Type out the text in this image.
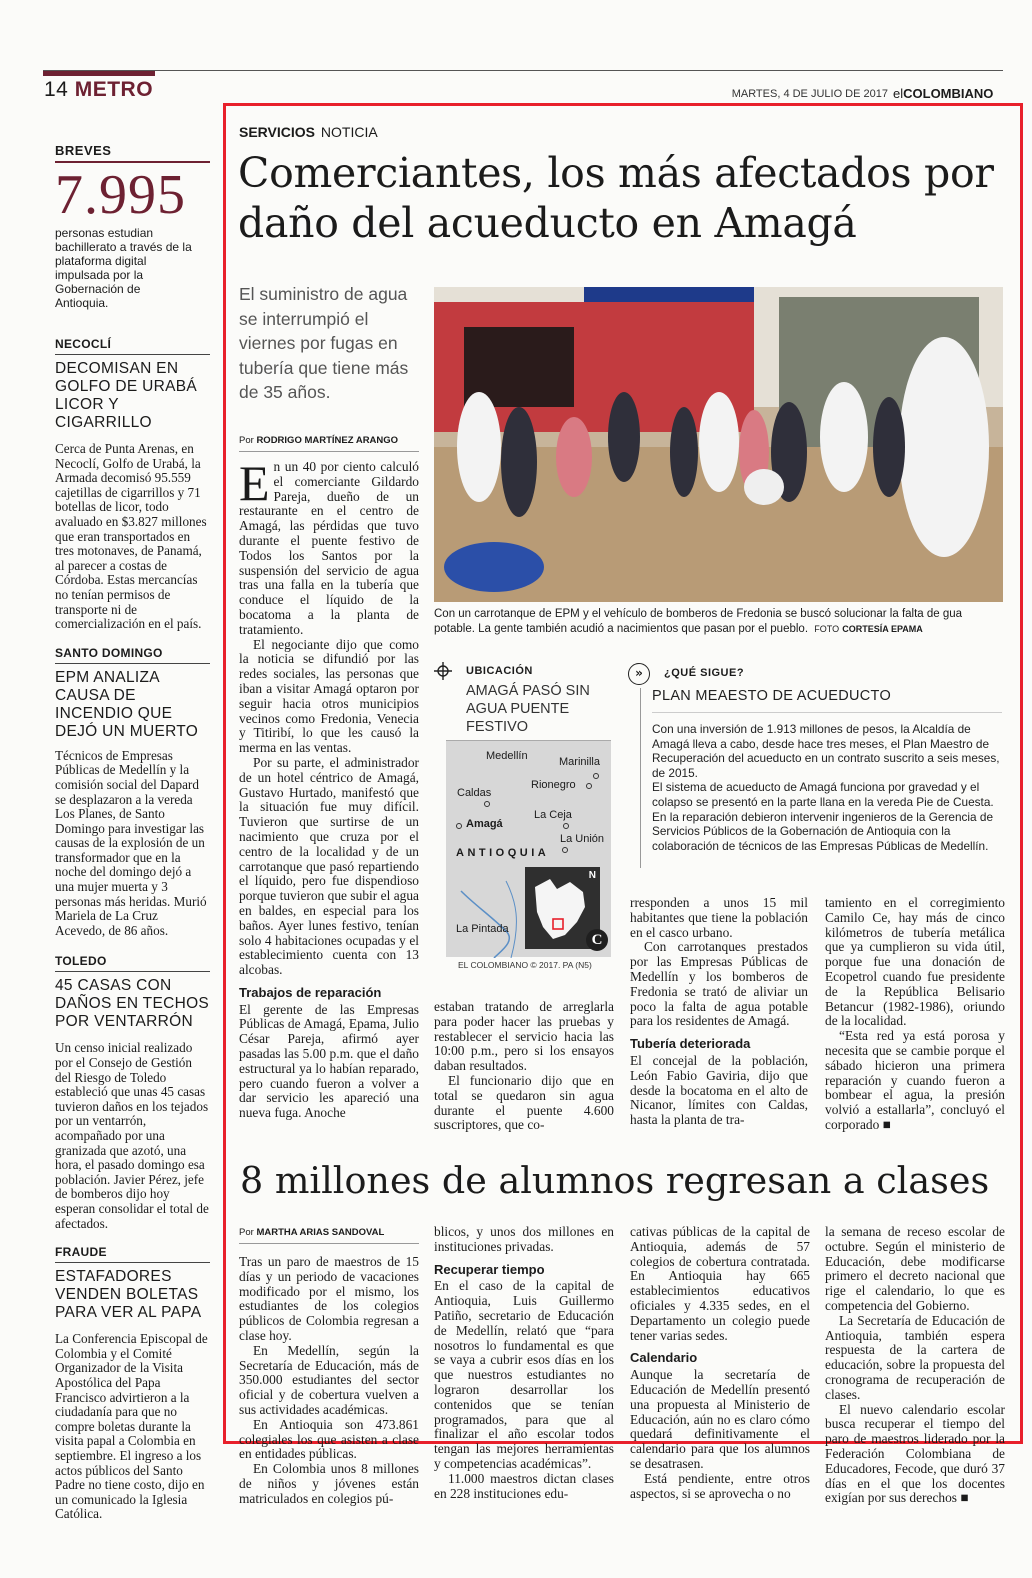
14 METRO	MARTES, 4 DE JULIO DE 2017 elCOLOMBIANO
BREVES
7.995
personas estudian bachillerato a través de la plataforma digital impulsada por la Gobernación de Antioquia.
NECOCLÍ
DECOMISAN EN GOLFO DE URABÁ LICOR Y CIGARRILLO
Cerca de Punta Arenas, en Necoclí, Golfo de Urabá, la Armada decomisó 95.559 cajetillas de cigarrillos y 71 botellas de licor, todo avaluado en $3.827 millones que eran transportados en tres motonaves, de Panamá, al parecer a costas de Córdoba. Estas mercancías no tenían permisos de transporte ni de comercialización en el país.
SANTO DOMINGO
EPM ANALIZA CAUSA DE INCENDIO QUE DEJÓ UN MUERTO
Técnicos de Empresas Públicas de Medellín y la comisión social del Dapard se desplazaron a la vereda Los Planes, de Santo Domingo para investigar las causas de la explosión de un transformador que en la noche del domingo dejó a una mujer muerta y 3 personas más heridas. Murió Mariela de La Cruz Acevedo, de 86 años.
TOLEDO
45 CASAS CON DAÑOS EN TECHOS POR VENTARRÓN
Un censo inicial realizado por el Consejo de Gestión del Riesgo de Toledo estableció que unas 45 casas tuvieron daños en los tejados por un ventarrón, acompañado por una granizada que azotó, una hora, el pasado domingo esa población. Javier Pérez, jefe de bomberos dijo hoy esperan consolidar el total de afectados.
FRAUDE
ESTAFADORES VENDEN BOLETAS PARA VER AL PAPA
La Conferencia Episcopal de Colombia y el Comité Organizador de la Visita Apostólica del Papa Francisco advirtieron a la ciudadanía para que no compre boletas durante la visita papal a Colombia en septiembre. El ingreso a los actos públicos del Santo Padre no tiene costo, dijo en un comunicado la Iglesia Católica.
SERVICIOS NOTICIA
Comerciantes, los más afectados por daño del acueducto en Amagá
El suministro de agua se interrumpió el viernes por fugas en tubería que tiene más de 35 años.
Por RODRIGO MARTÍNEZ ARANGO
Con un carrotanque de EPM y el vehículo de bomberos de Fredonia se buscó solucionar la falta de gua potable. La gente también acudió a nacimientos que pasan por el pueblo. FOTO CORTESÍA EPAMA

En un 40 por ciento calculó el comerciante Gildardo Pareja, dueño de un restaurante en el centro de Amagá, las pérdidas que tuvo durante el puente festivo de Todos los Santos por la suspensión del servicio de agua tras una falla en la tubería que conduce el líquido de la bocatoma a la planta de tratamiento.

El negociante dijo que como la noticia se difundió por las redes sociales, las personas que iban a visitar Amagá optaron por seguir hacia otros municipios vecinos como Fredonia, Venecia y Titiribí, lo que les causó la merma en las ventas.

Por su parte, el administrador de un hotel céntrico de Amagá, Gustavo Hurtado, manifestó que la situación fue muy difícil. Tuvieron que surtirse de un nacimiento que cruza por el centro de la localidad y de un carrotanque que pasó repartiendo el líquido, pero fue dispendioso porque tuvieron que subir el agua en baldes, en especial para los baños. Ayer lunes festivo, tenían solo 4 habitaciones ocupadas y el establecimiento cuenta con 13 alcobas.

Trabajos de reparación

El gerente de las Empresas Públicas de Amagá, Epama, Julio César Pareja, afirmó ayer pasadas las 5.00 p.m. que el daño estructural ya lo habían reparado, pero cuando fueron a volver a dar servicio les apareció una nueva fuga. Anoche

UBICACIÓN
AMAGÁ PASÓ SIN AGUA PUENTE FESTIVO
Medellín	Marinilla
Rionegro
Caldas
La Ceja
Amagá
La Unión
ANTIOQUIA
N
La Pintada
C
EL COLOMBIANO © 2017. PA (N5)
»	¿QUÉ SIGUE?
PLAN MEAESTO DE ACUEDUCTO

Con una inversión de 1.913 millones de pesos, la Alcaldía de Amagá lleva a cabo, desde hace tres meses, el Plan Maestro de Recuperación del acueducto en un contrato suscrito a seis meses, de 2015.

El sistema de acueducto de Amagá funciona por gravedad y el colapso se presentó en la parte llana en la vereda Pie de Cuesta. En la reparación debieron intervenir ingenieros de la Gerencia de Servicios Públicos de la Gobernación de Antioquia con la colaboración de técnicos de las Empresas Públicas de Medellín.

estaban tratando de arreglarla para poder hacer las pruebas y restablecer el servicio hacia las 10:00 p.m., pero si los ensayos daban resultados.

El funcionario dijo que en total se quedaron sin agua durante el puente 4.600 suscriptores, que co-

rresponden a unos 15 mil habitantes que tiene la población en el casco urbano.

Con carrotanques prestados por las Empresas Públicas de Medellín y los bomberos de Fredonia se trató de aliviar un poco la falta de agua potable para los residentes de Amagá.

Tubería deteriorada

El concejal de la población, León Fabio Gaviria, dijo que desde la bocatoma en el alto de Nicanor, límites con Caldas, hasta la planta de tra-

tamiento en el corregimiento Camilo Ce, hay más de cinco kilómetros de tubería metálica que ya cumplieron su vida útil, porque fue una donación de Ecopetrol cuando fue presidente de la República Belisario Betancur (1982-1986), oriundo de la localidad.

“Esta red ya está porosa y necesita que se cambie porque el sábado hicieron una primera reparación y cuando fueron a bombear el agua, la presión volvió a estallarla”, concluyó el corporado ■

8 millones de alumnos regresan a clases
Por MARTHA ARIAS SANDOVAL

Tras un paro de maestros de 15 días y un periodo de vacaciones modificado por el mismo, los estudiantes de los colegios públicos de Colombia regresan a clase hoy.

En Medellín, según la Secretaría de Educación, más de 350.000 estudiantes del sector oficial y de cobertura vuelven a sus actividades académicas.

En Antioquia son 473.861 colegiales los que asisten a clase en entidades públicas.

En Colombia unos 8 millones de niños y jóvenes están matriculados en colegios pú-

blicos, y unos dos millones en instituciones privadas.

Recuperar tiempo

En el caso de la capital de Antioquia, Luis Guillermo Patiño, secretario de Educación de Medellín, relató que “para nosotros lo fundamental es que se vaya a cubrir esos días en los que nuestros estudiantes no lograron desarrollar los contenidos que se tenían programados, para que al finalizar el año escolar todos tengan las mejores herramientas y competencias académicas”.

11.000 maestros dictan clases en 228 instituciones edu-

cativas públicas de la capital de Antioquia, además de 57 colegios de cobertura contratada. En Antioquia hay 665 establecimientos educativos oficiales y 4.335 sedes, en el Departamento un colegio puede tener varias sedes.

Calendario

Aunque la secretaría de Educación de Medellín presentó una propuesta al Ministerio de Educación, aún no es claro cómo quedará definitivamente el calendario para que los alumnos se desatrasen.

Está pendiente, entre otros aspectos, si se aprovecha o no

la semana de receso escolar de octubre. Según el ministerio de Educación, debe modificarse primero el decreto nacional que rige el calendario, lo que es competencia del Gobierno.

La Secretaría de Educación de Antioquia, también espera respuesta de la cartera de educación, sobre la propuesta del cronograma de recuperación de clases.

El nuevo calendario escolar busca recuperar el tiempo del paro de maestros liderado por la Federación Colombiana de Educadores, Fecode, que duró 37 días en el que los docentes exigían por sus derechos ■
